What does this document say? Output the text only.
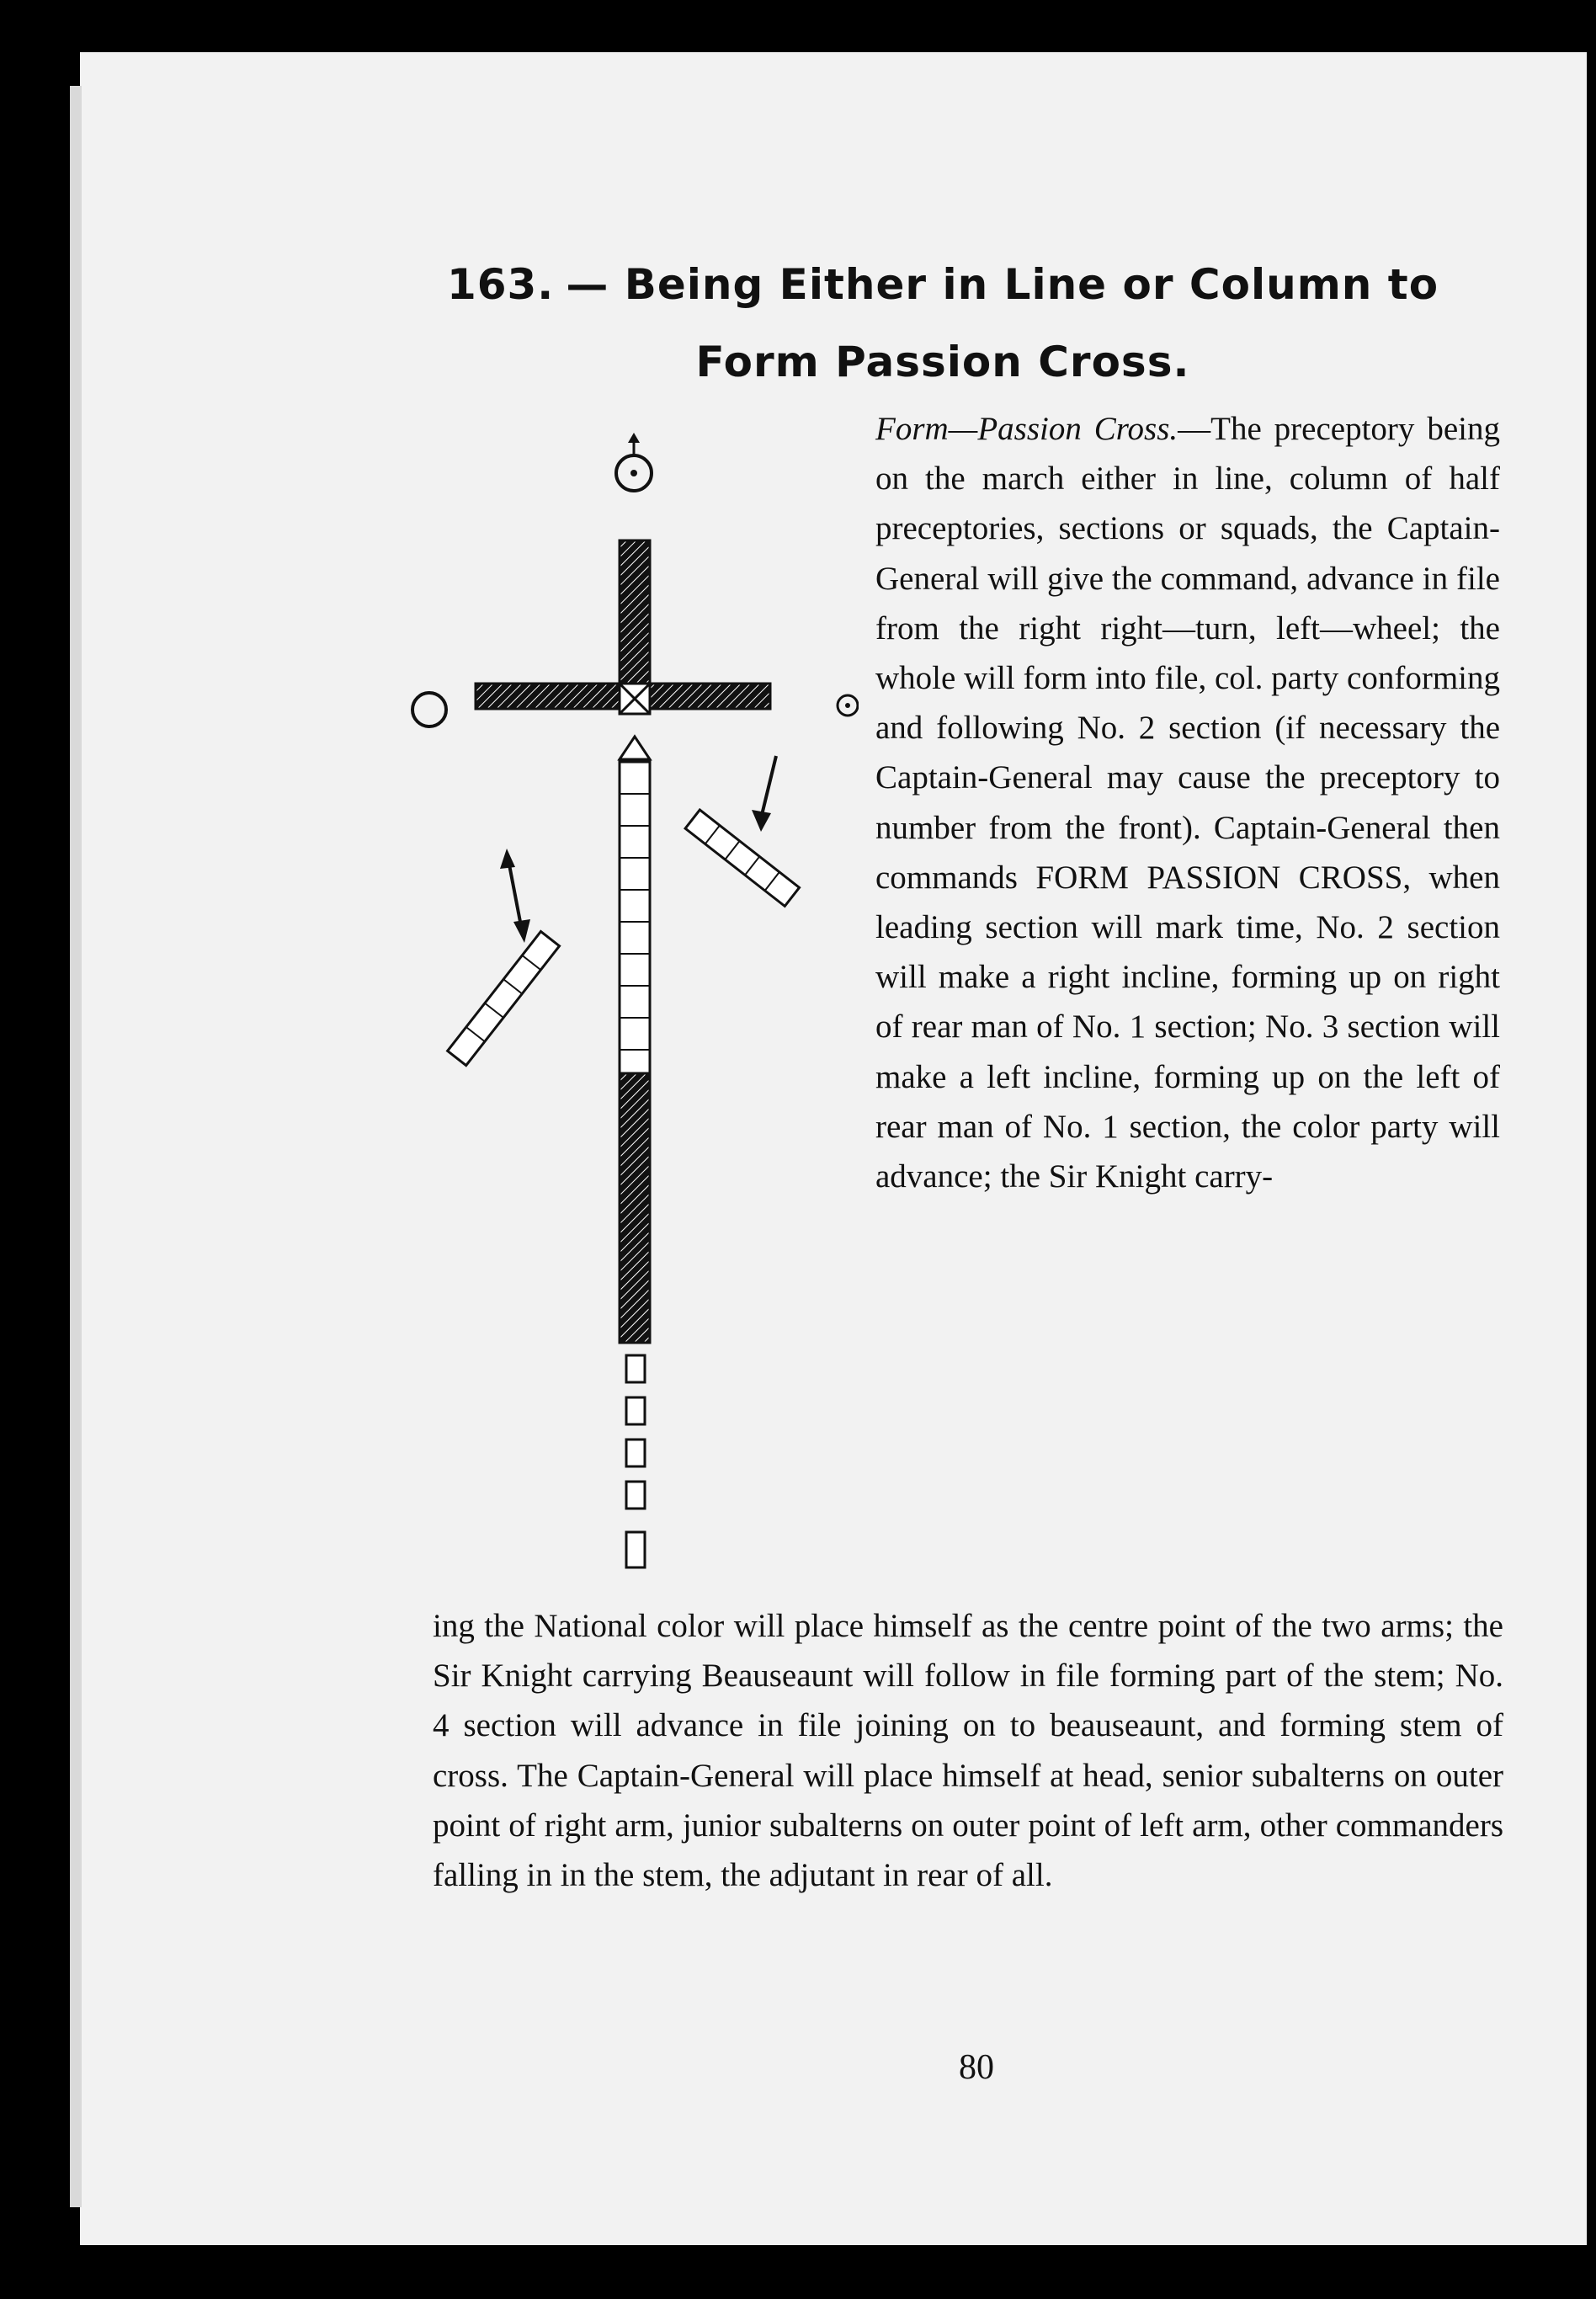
163. — Being Either in Line or Column to Form Passion Cross.
Form—Passion Cross.—The preceptory being on the march either in line, column of half preceptories, sections or squads, the Captain-General will give the command, advance in file from the right right—turn, left—wheel; the whole will form into file, col. party conforming and following No. 2 section (if necessary the Captain-General may cause the preceptory to number from the front). Captain-General then commands FORM PASSION CROSS, when leading section will mark time, No. 2 section will make a right incline, forming up on right of rear man of No. 1 section; No. 3 section will make a left incline, forming up on the left of rear man of No. 1 section, the color party will advance; the Sir Knight carry-
ing the National color will place himself as the centre point of the two arms; the Sir Knight carrying Beauseaunt will follow in file forming part of the stem; No. 4 section will advance in file joining on to beauseaunt, and forming stem of cross. The Captain-General will place himself at head, senior subalterns on outer point of right arm, junior subalterns on outer point of left arm, other commanders falling in in the stem, the adjutant in rear of all.
80
